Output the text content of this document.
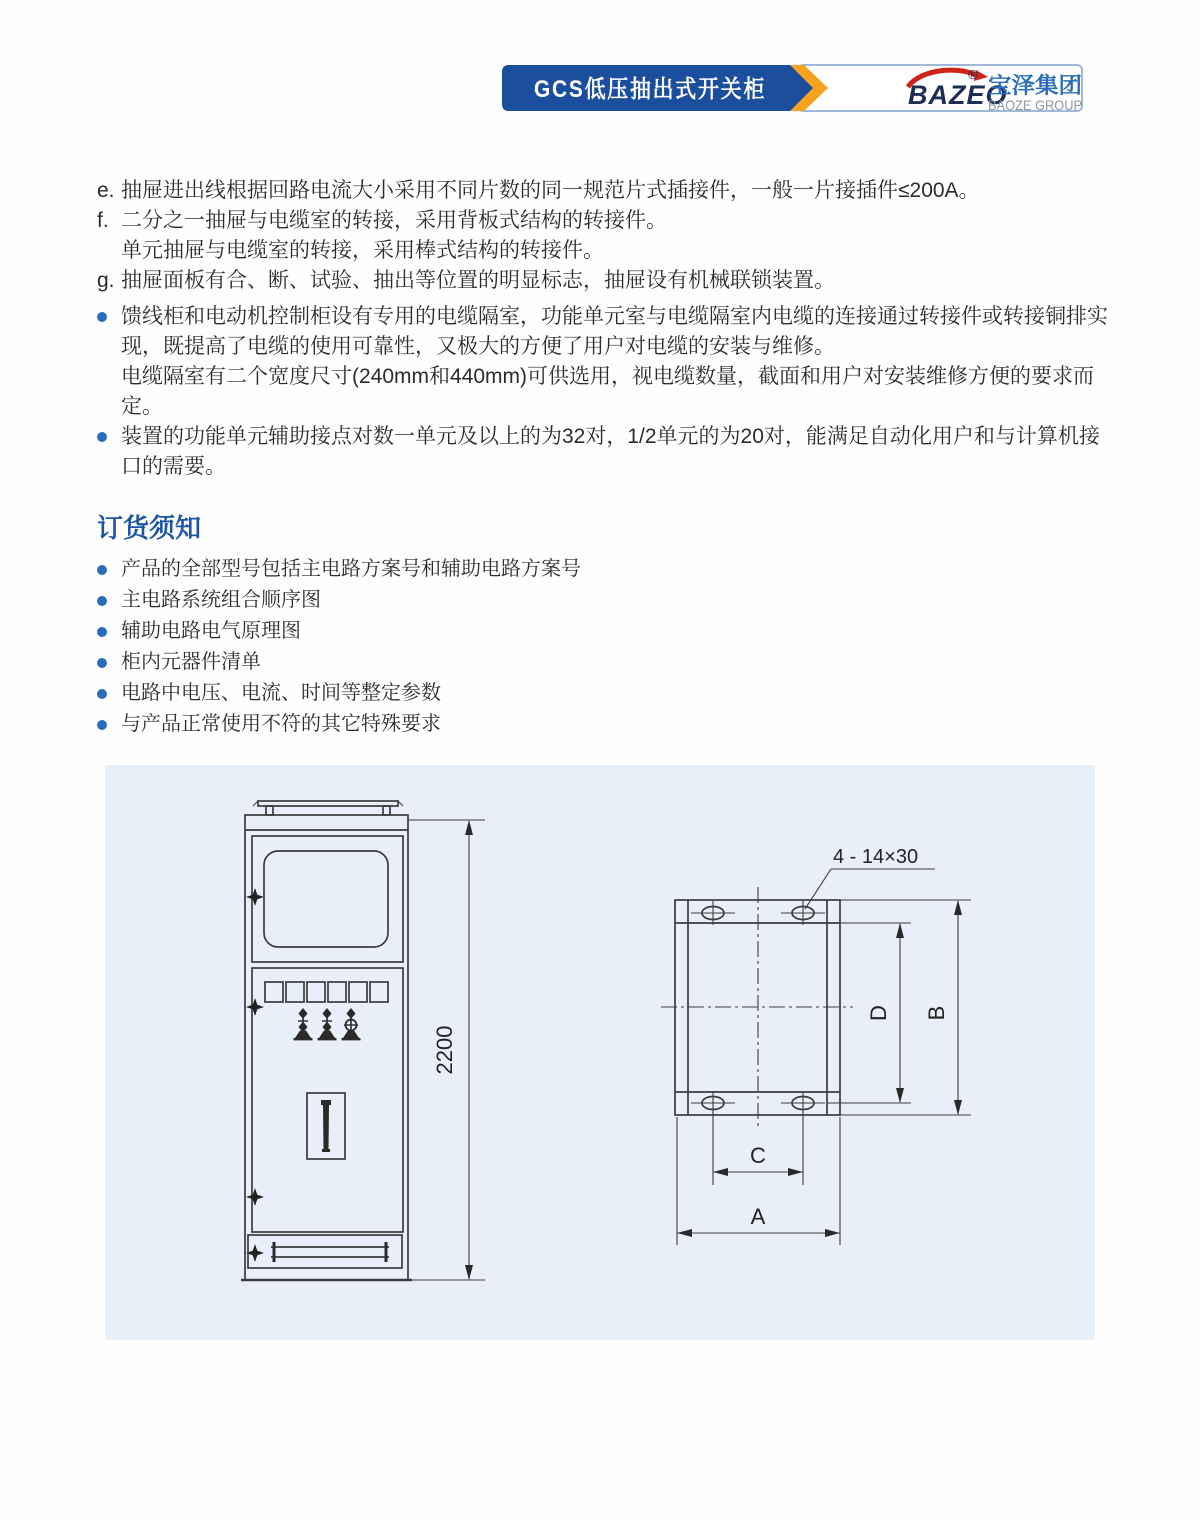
GCS低压抽出式开关柜	BAZEO
® 宝泽集团
BAOZE GROUP
e. 抽屉进出线根据回路电流大小采用不同片数的同一规范片式插接件，一般一片接插件≤200A。
f. 二分之一抽屉与电缆室的转接，采用背板式结构的转接件。
单元抽屉与电缆室的转接，采用棒式结构的转接件。
g. 抽屉面板有合、断、试验、抽出等位置的明显标志，抽屉设有机械联锁装置。

馈线柜和电动机控制柜设有专用的电缆隔室，功能单元室与电缆隔室内电缆的连接通过转接件或转接铜排实现，既提高了电缆的使用可靠性，又极大的方便了用户对电缆的安装与维修。

电缆隔室有二个宽度尺寸(240mm和440mm)可供选用，视电缆数量，截面和用户对安装维修方便的要求而定。

装置的功能单元辅助接点对数一单元及以上的为32对，1/2单元的为20对，能满足自动化用户和与计算机接口的需要。

订货须知
产品的全部型号包括主电路方案号和辅助电路方案号
主电路系统组合顺序图
辅助电路电气原理图
柜内元器件清单
电路中电压、电流、时间等整定参数
与产品正常使用不符的其它特殊要求
2200
4 - 14×30
D B
C
A
